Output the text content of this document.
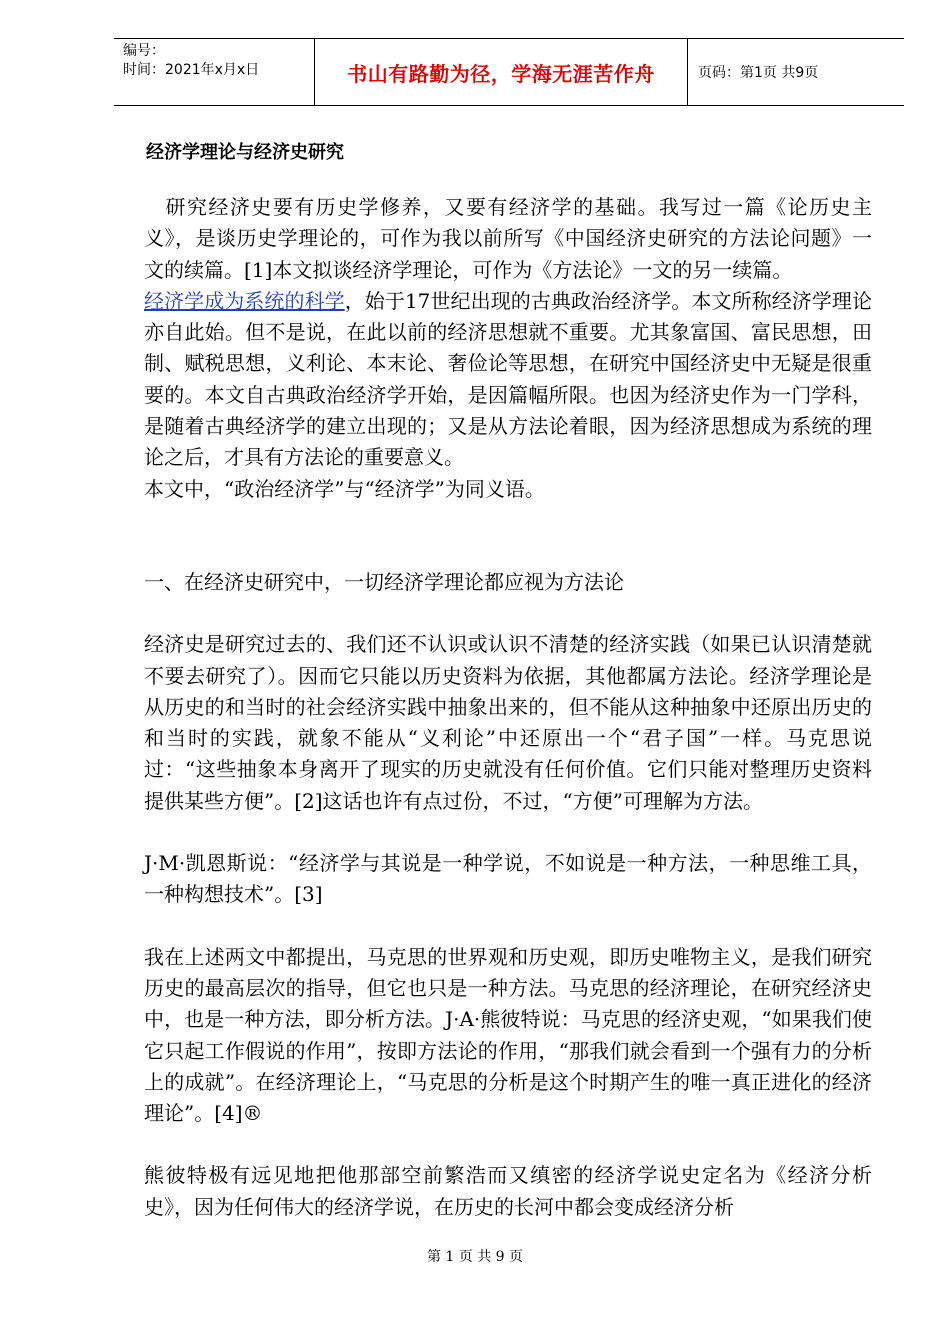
编号：
时间：2021年x月x日	书山有路勤为径，学海无涯苦作舟	页码：第1页 共9页
经济学理论与经济史研究

　研究经济史要有历史学修养，又要有经济学的基础。我写过一篇《论历史主义》，是谈历史学理论的，可作为我以前所写《中国经济史研究的方法论问题》一文的续篇。[1]本文拟谈经济学理论，可作为《方法论》一文的另一续篇。

经济学成为系统的科学，始于17世纪出现的古典政治经济学。本文所称经济学理论亦自此始。但不是说，在此以前的经济思想就不重要。尤其象富国、富民思想，田制、赋税思想，义利论、本末论、奢俭论等思想，在研究中国经济史中无疑是很重要的。本文自古典政治经济学开始，是因篇幅所限。也因为经济史作为一门学科，是随着古典经济学的建立出现的；又是从方法论着眼，因为经济思想成为系统的理论之后，才具有方法论的重要意义。

本文中，“政治经济学”与“经济学”为同义语。

一、在经济史研究中，一切经济学理论都应视为方法论

经济史是研究过去的、我们还不认识或认识不清楚的经济实践（如果已认识清楚就不要去研究了）。因而它只能以历史资料为依据，其他都属方法论。经济学理论是从历史的和当时的社会经济实践中抽象出来的，但不能从这种抽象中还原出历史的和当时的实践，就象不能从“义利论”中还原出一个“君子国”一样。马克思说过：“这些抽象本身离开了现实的历史就没有任何价值。它们只能对整理历史资料提供某些方便”。[2]这话也许有点过份，不过，“方便”可理解为方法。

J·M·凯恩斯说：“经济学与其说是一种学说，不如说是一种方法，一种思维工具，一种构想技术”。[3]

我在上述两文中都提出，马克思的世界观和历史观，即历史唯物主义，是我们研究历史的最高层次的指导，但它也只是一种方法。马克思的经济理论，在研究经济史中，也是一种方法，即分析方法。J·A·熊彼特说：马克思的经济史观，“如果我们使它只起工作假说的作用”，按即方法论的作用，“那我们就会看到一个强有力的分析上的成就”。在经济理论上，“马克思的分析是这个时期产生的唯一真正进化的经济理论”。[4]®

熊彼特极有远见地把他那部空前繁浩而又缜密的经济学说史定名为《经济分析史》，因为任何伟大的经济学说，在历史的长河中都会变成经济分析

第 1 页 共 9 页
